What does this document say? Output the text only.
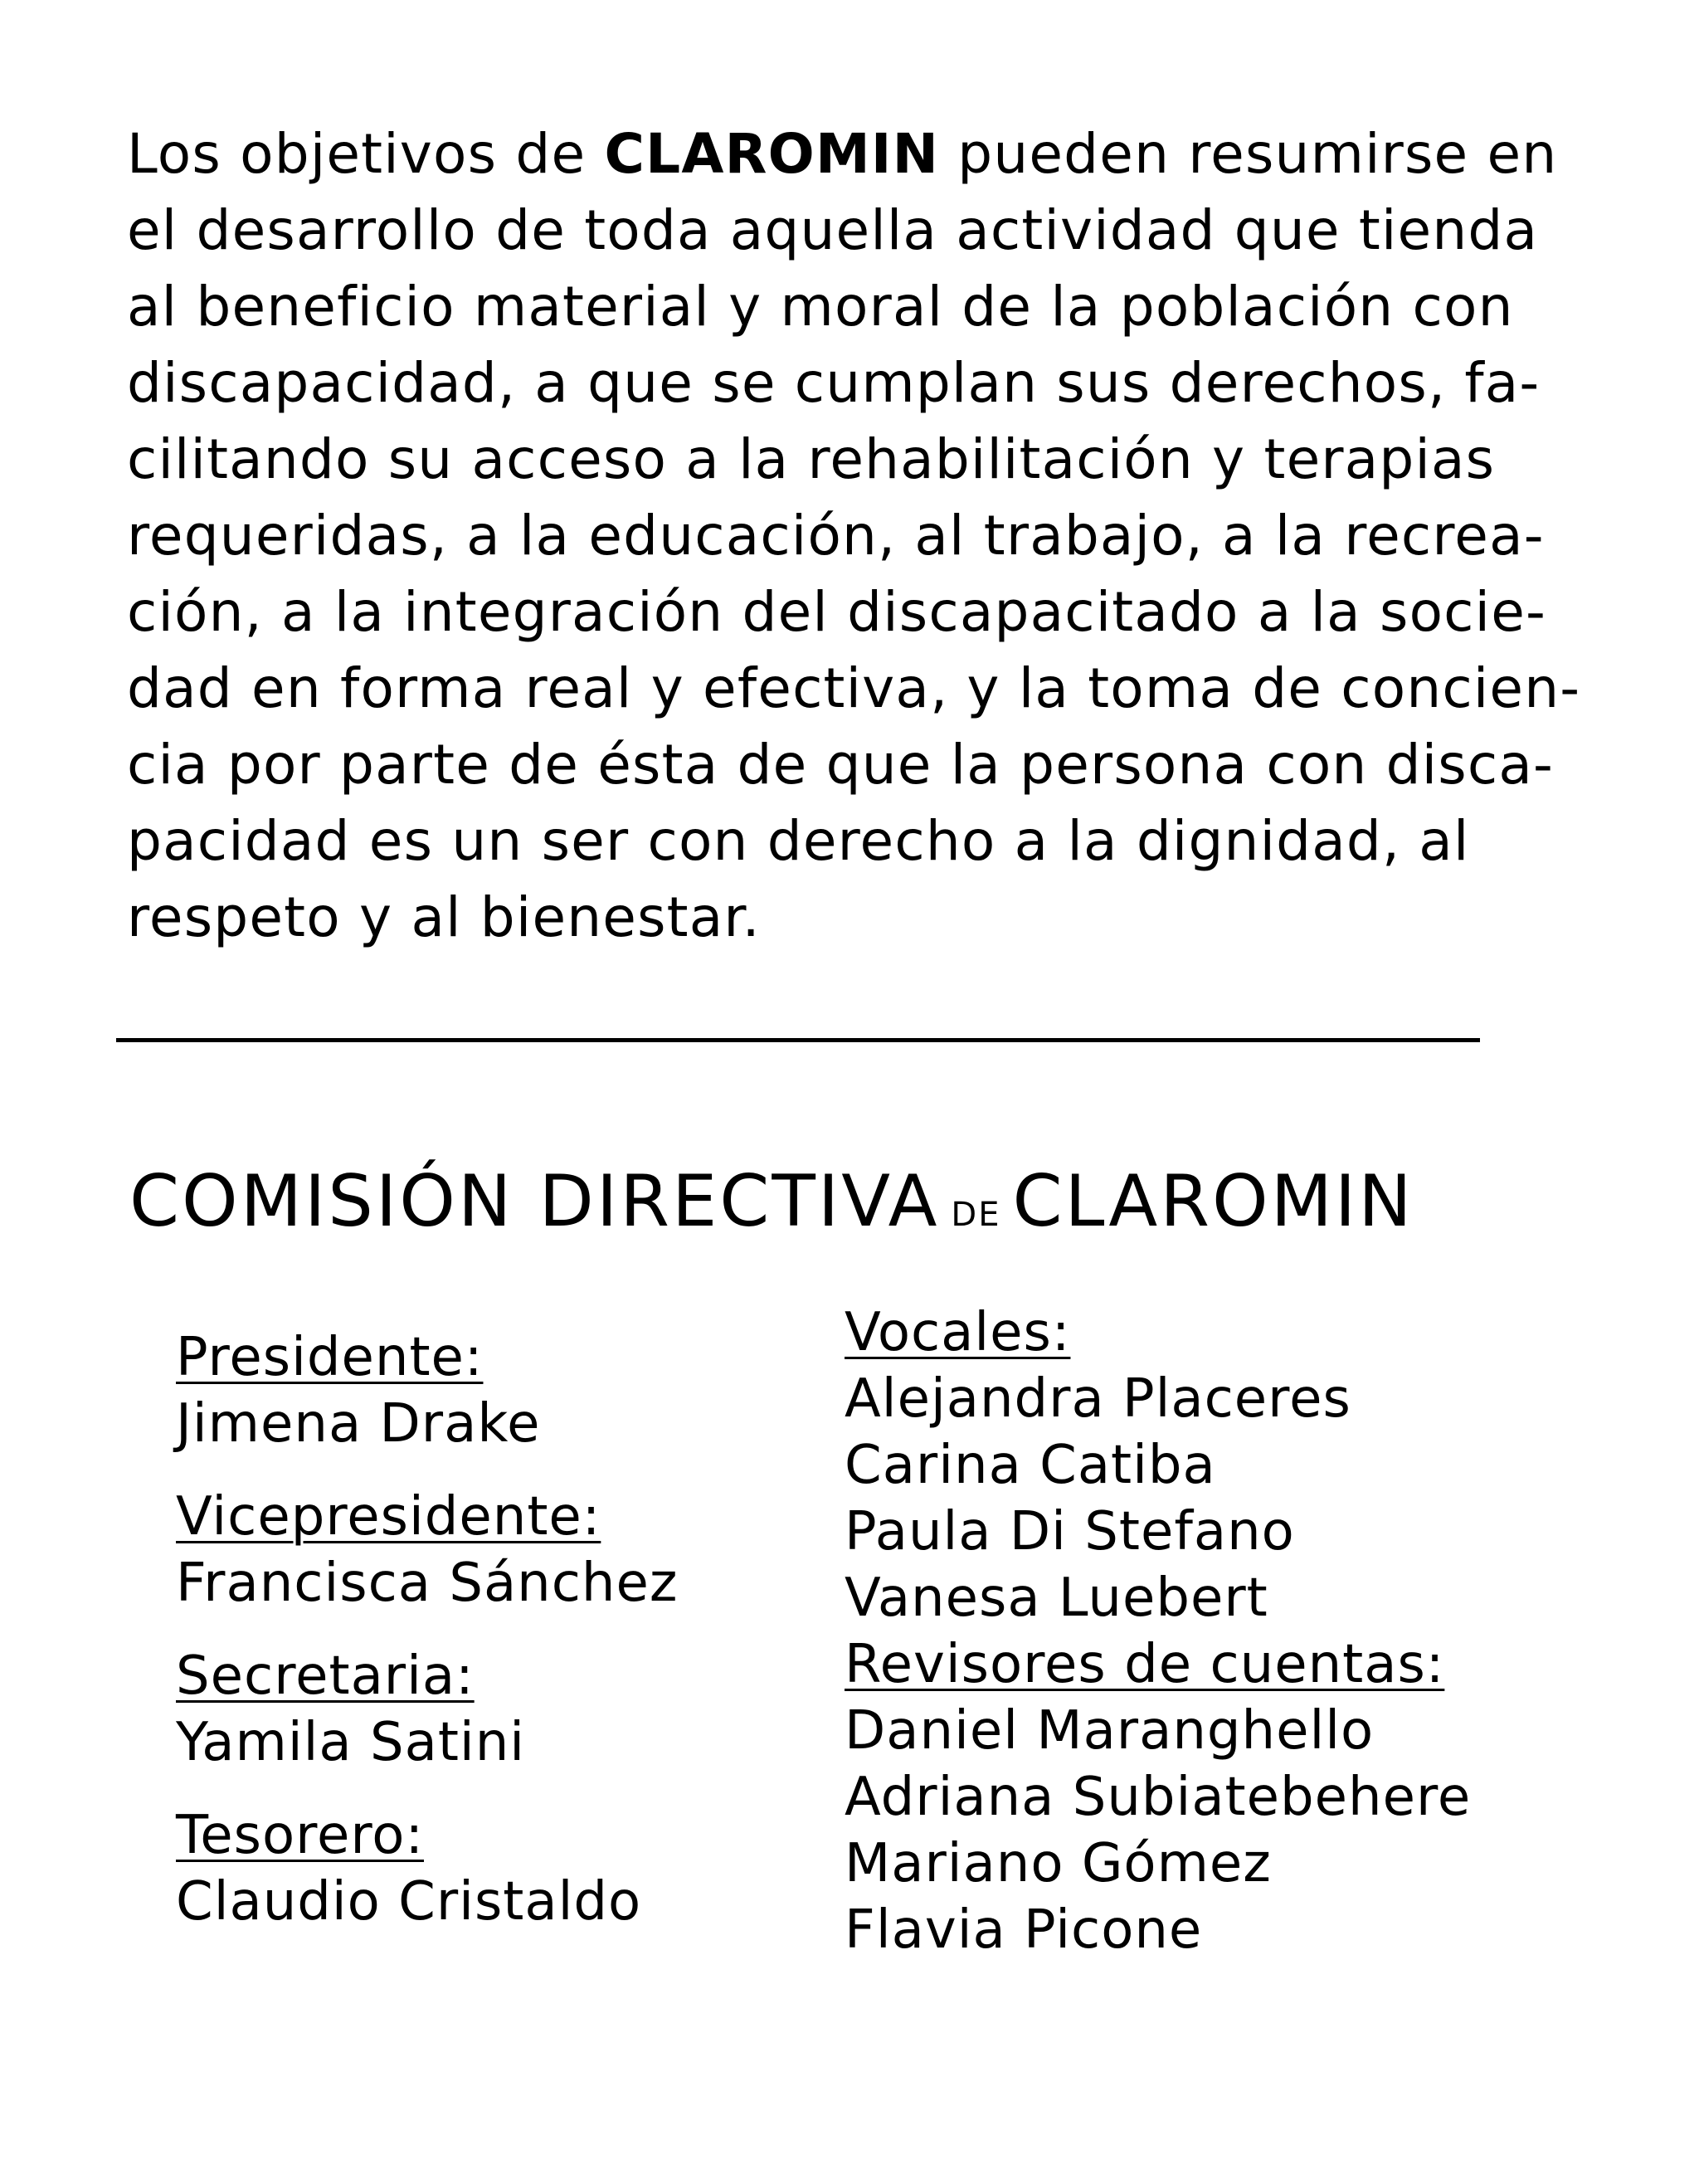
Los objetivos de CLAROMIN pueden resumirse en
el desarrollo de toda aquella actividad que tienda
al beneficio material y moral de la población con
discapacidad, a que se cumplan sus derechos, fa-
cilitando su acceso a la rehabilitación y terapias
requeridas, a la educación, al trabajo, a la recrea-
ción, a la integración del discapacitado a la socie-
dad en forma real y efectiva, y la toma de concien-
cia por parte de ésta de que la persona con disca-
pacidad es un ser con derecho a la dignidad, al
respeto y al bienestar.
COMISIÓN DIRECTIVA DE CLAROMIN
Presidente:
Jimena Drake
Vicepresidente:
Francisca Sánchez
Secretaria:
Yamila Satini
Tesorero:
Claudio Cristaldo
Vocales:
Alejandra Placeres
Carina Catiba
Paula Di Stefano
Vanesa Luebert
Revisores de cuentas:
Daniel Maranghello
Adriana Subiatebehere
Mariano Gómez
Flavia Picone
